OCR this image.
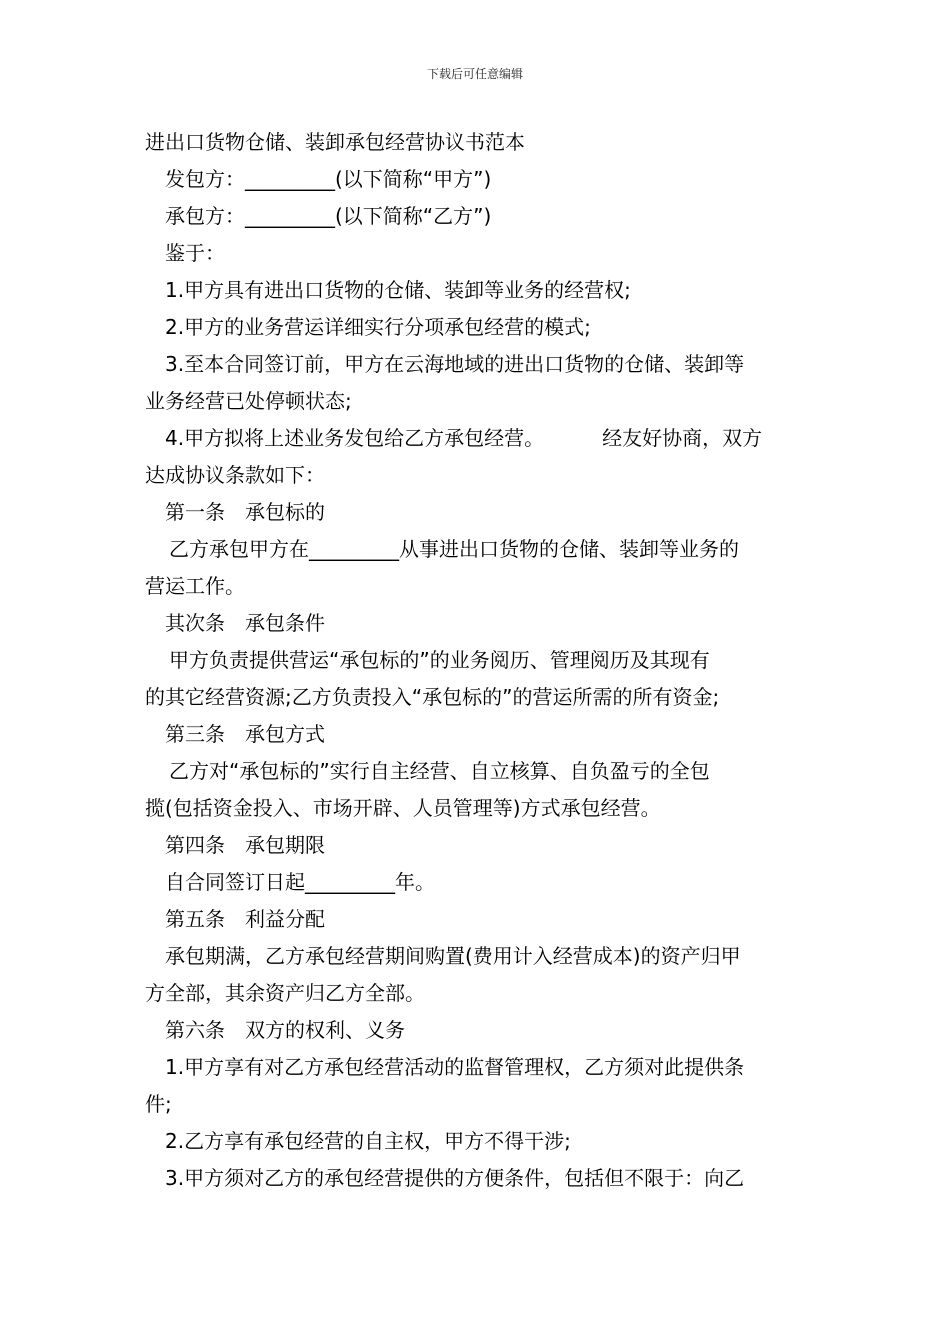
下载后可任意编辑
进出口货物仓储、装卸承包经营协议书范本
发包方：_________(以下简称“甲方”)
承包方：_________(以下简称“乙方”)
鉴于：
1.甲方具有进出口货物的仓储、装卸等业务的经营权;
2.甲方的业务营运详细实行分项承包经营的模式;
3.至本合同签订前，甲方在云海地域的进出口货物的仓储、装卸等
业务经营已处停顿状态;
4.甲方拟将上述业务发包给乙方承包经营。	经友好协商，双方
达成协议条款如下：
第一条　承包标的
乙方承包甲方在_________从事进出口货物的仓储、装卸等业务的
营运工作。
其次条　承包条件
甲方负责提供营运“承包标的”的业务阅历、管理阅历及其现有
的其它经营资源;乙方负责投入“承包标的”的营运所需的所有资金;
第三条　承包方式
乙方对“承包标的”实行自主经营、自立核算、自负盈亏的全包
揽(包括资金投入、市场开辟、人员管理等)方式承包经营。
第四条　承包期限
自合同签订日起_________年。
第五条　利益分配
承包期满，乙方承包经营期间购置(费用计入经营成本)的资产归甲
方全部，其余资产归乙方全部。
第六条　双方的权利、义务
1.甲方享有对乙方承包经营活动的监督管理权，乙方须对此提供条
件;
2.乙方享有承包经营的自主权，甲方不得干涉;
3.甲方须对乙方的承包经营提供的方便条件，包括但不限于：向乙
